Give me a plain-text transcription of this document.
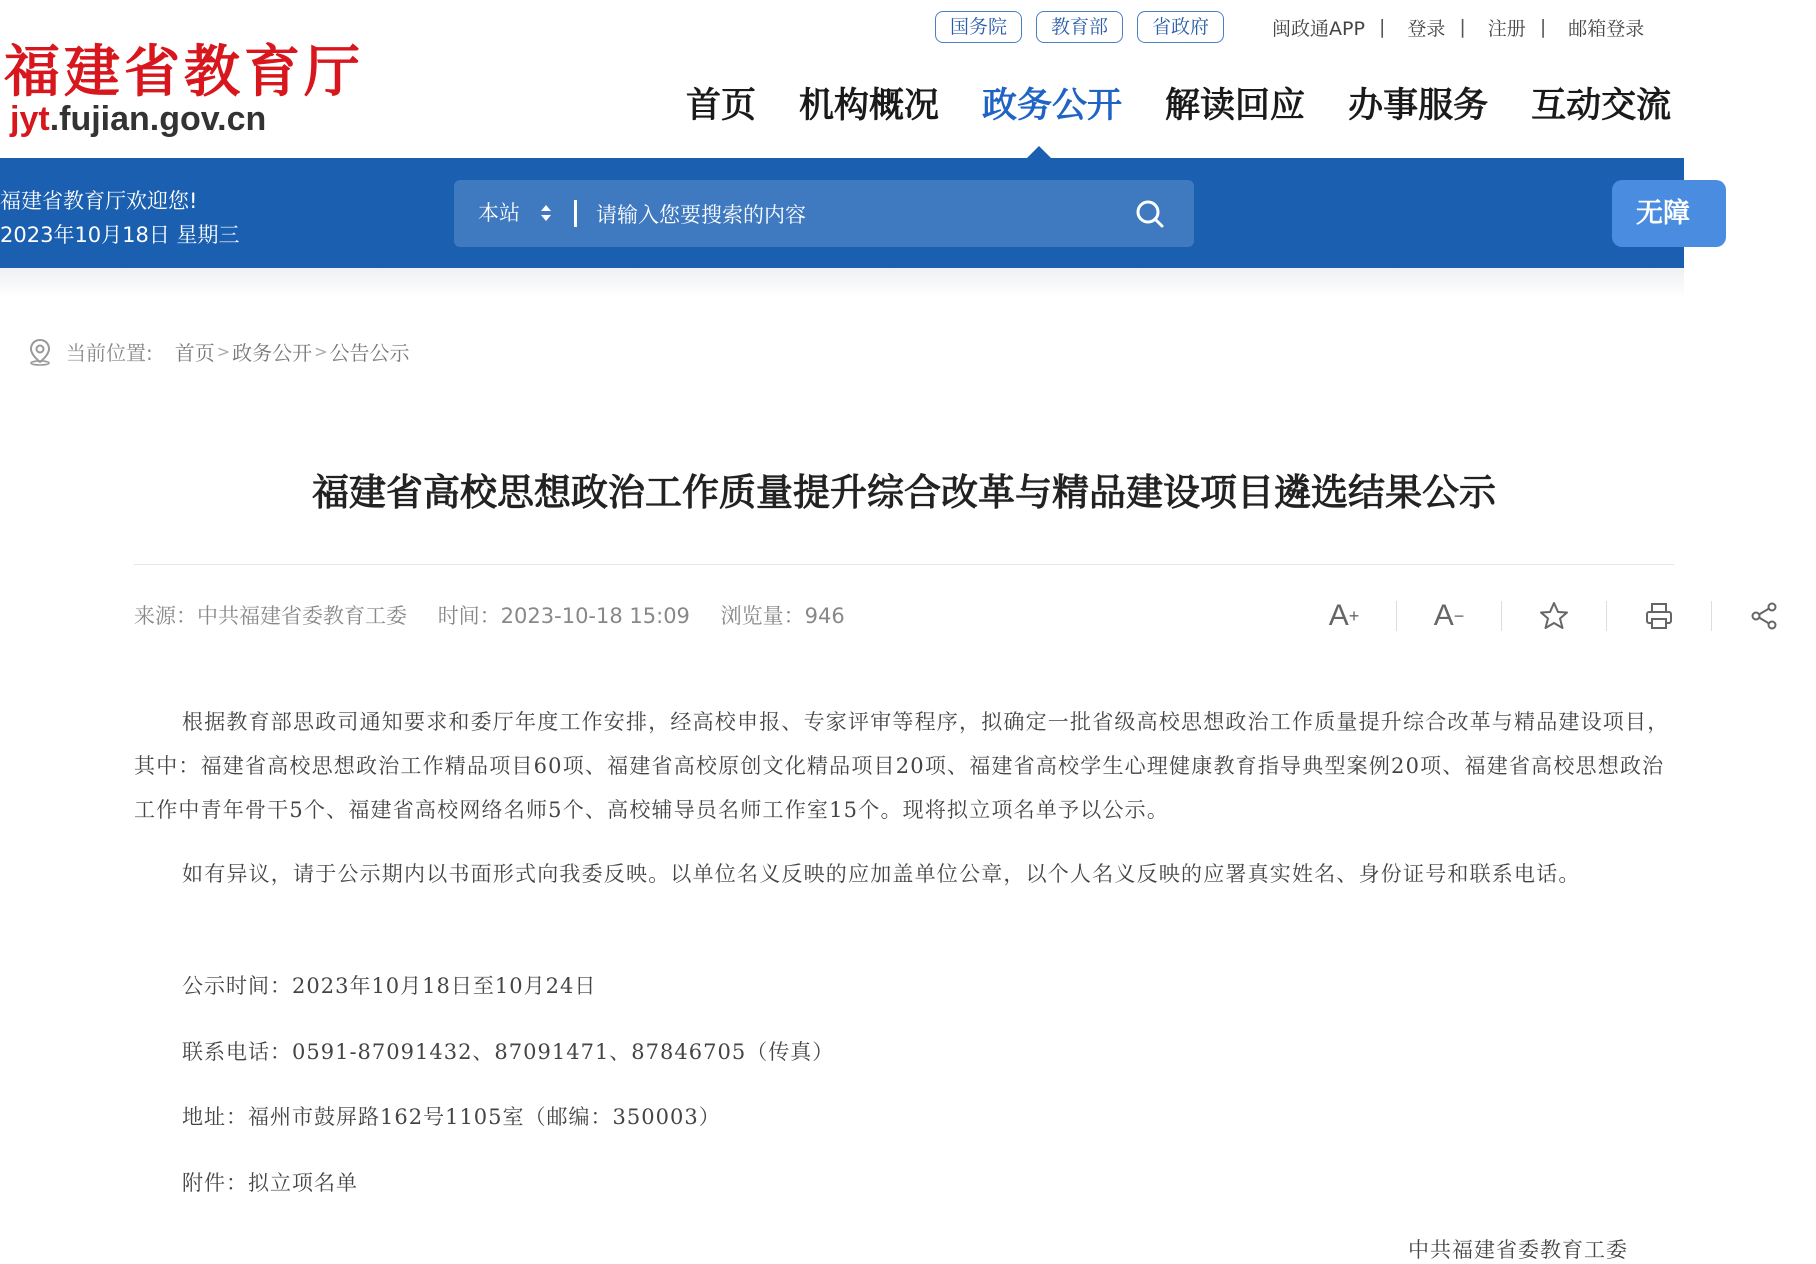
福建省教育厅
jyt.fujian.gov.cn
国务院	教育部	省政府	闽政通APP | 登录 | 注册 | 邮箱登录
首页 机构概况 政务公开 解读回应 办事服务 互动交流
福建省教育厅欢迎您!
2023年10月18日 星期三
本站
请输入您要搜索的内容	无障
当前位置: 首页 > 政务公开 > 公告公示
福建省高校思想政治工作质量提升综合改革与精品建设项目遴选结果公示
来源：中共福建省委教育工委 时间：2023-10-18 15:09 浏览量：946	A +	A −

根据教育部思政司通知要求和委厅年度工作安排，经高校申报、专家评审等程序，拟确定一批省级高校思想政治工作质量提升综合改革与精品建设项目，其中：福建省高校思想政治工作精品项目60项、福建省高校原创文化精品项目20项、福建省高校学生心理健康教育指导典型案例20项、福建省高校思想政治工作中青年骨干5个、福建省高校网络名师5个、高校辅导员名师工作室15个。现将拟立项名单予以公示。

如有异议，请于公示期内以书面形式向我委反映。以单位名义反映的应加盖单位公章，以个人名义反映的应署真实姓名、身份证号和联系电话。

公示时间：2023年10月18日至10月24日
联系电话：0591-87091432、87091471、87846705（传真）
地址：福州市鼓屏路162号1105室（邮编：350003）
附件：拟立项名单
中共福建省委教育工委
